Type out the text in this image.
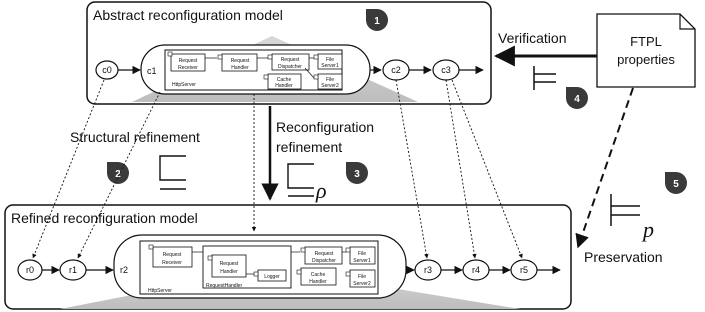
Abstract reconfiguration model	1
c0	c1
HttpServer
Request
Receiver
Request
Handler
Request
Dispatcher
Cache
Handler
File
Server1
File
Server2
c2	c3
FTPL
properties
Verification
4
5
p
Preservation
Structural refinement
2
Reconfiguration
refinement
ρ
3
Refined reconfiguration model
r0	r1	r2
HttpServer
Request
Receiver
RequestHandler
Request
Handler
Logger
Request
Dispatcher
Cache
Handler
File
Server1
File
Server2
r3	r4	r5
